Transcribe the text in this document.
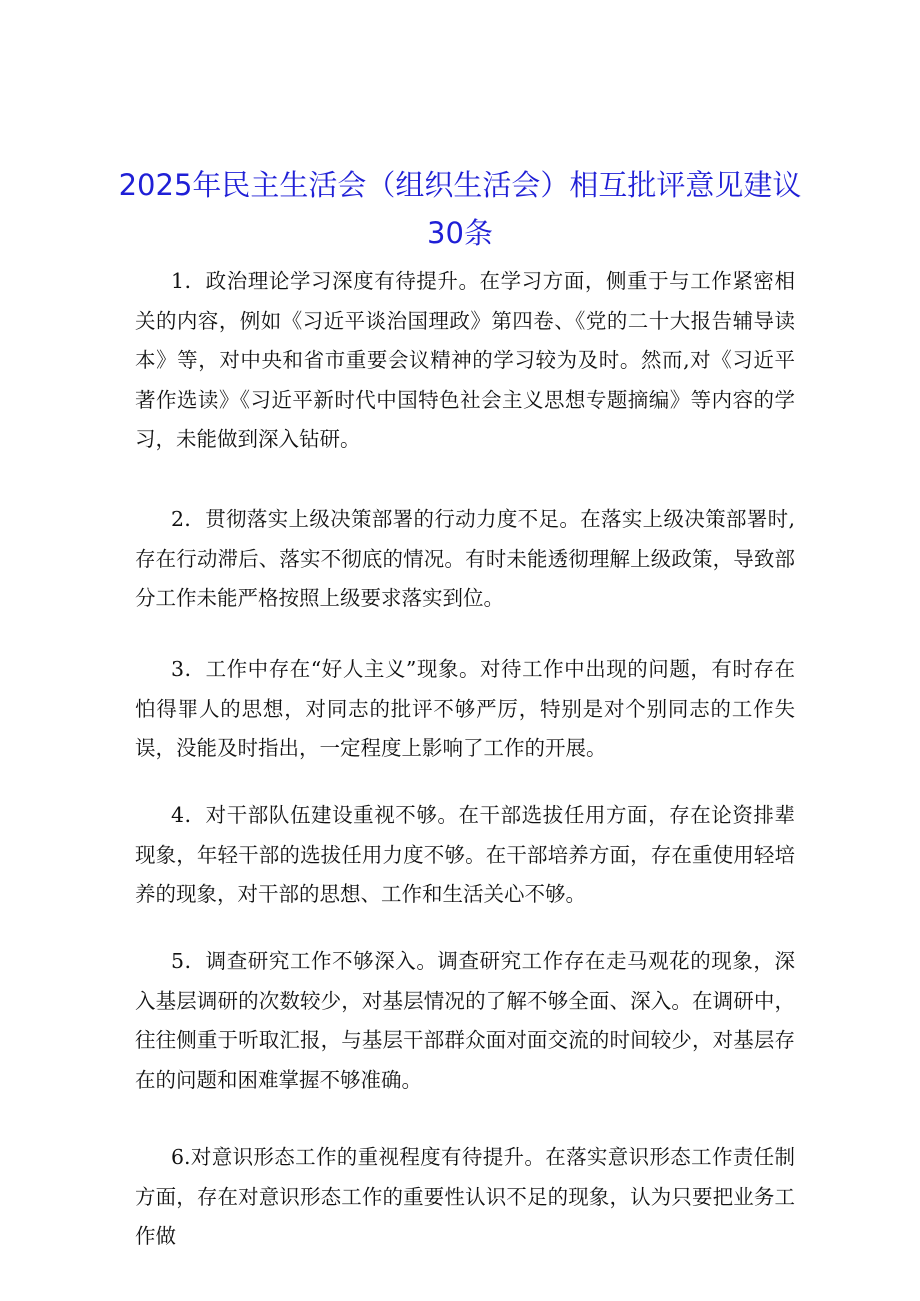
2025年民主生活会（组织生活会）相互批评意见建议
30条

1．政治理论学习深度有待提升。在学习方面，侧重于与工作紧密相关的内容，例如《习近平谈治国理政》第四卷、《党的二十大报告辅导读本》等，对中央和省市重要会议精神的学习较为及时。然而,对《习近平著作选读》《习近平新时代中国特色社会主义思想专题摘编》等内容的学习，未能做到深入钻研。

2．贯彻落实上级决策部署的行动力度不足。在落实上级决策部署时,存在行动滞后、落实不彻底的情况。有时未能透彻理解上级政策，导致部分工作未能严格按照上级要求落实到位。

3．工作中存在“好人主义”现象。对待工作中出现的问题，有时存在怕得罪人的思想，对同志的批评不够严厉，特别是对个别同志的工作失误，没能及时指出，一定程度上影响了工作的开展。

4．对干部队伍建设重视不够。在干部选拔任用方面，存在论资排辈现象，年轻干部的选拔任用力度不够。在干部培养方面，存在重使用轻培养的现象，对干部的思想、工作和生活关心不够。

5．调查研究工作不够深入。调查研究工作存在走马观花的现象，深入基层调研的次数较少，对基层情况的了解不够全面、深入。在调研中，往往侧重于听取汇报，与基层干部群众面对面交流的时间较少，对基层存在的问题和困难掌握不够准确。

6.对意识形态工作的重视程度有待提升。在落实意识形态工作责任制方面，存在对意识形态工作的重要性认识不足的现象，认为只要把业务工作做
